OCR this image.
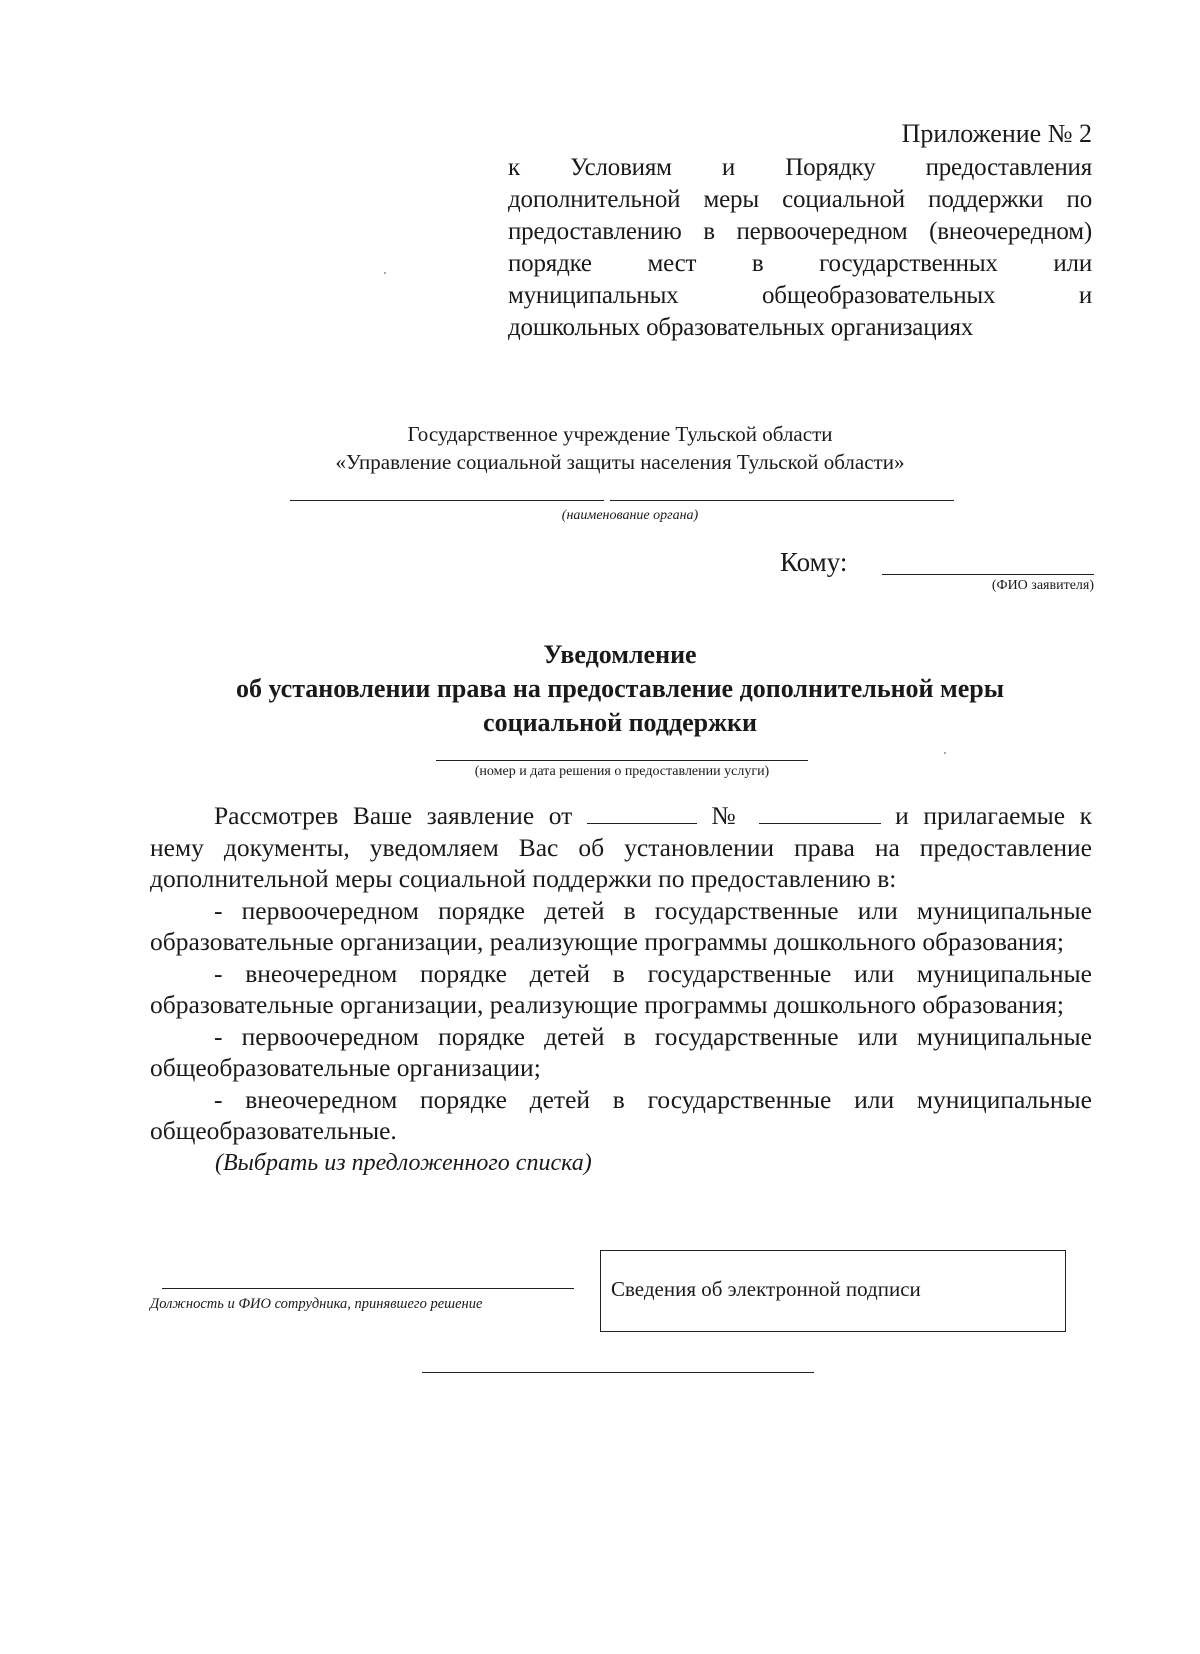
Приложение № 2
к Условиям и Порядку предоставления
дополнительной меры социальной поддержки по
предоставлению в первоочередном (внеочередном)
порядке мест в государственных или
муниципальных общеобразовательных и
дошкольных образовательных организациях
Государственное учреждение Тульской области
«Управление социальной защиты населения Тульской области»
(наименование органа)
Кому:
(ФИО заявителя)
Уведомление
об установлении права на предоставление дополнительной меры
социальной поддержки
(номер и дата решения о предоставлении услуги)
Рассмотрев Ваше заявление от	№	и прилагаемые к
нему документы, уведомляем Вас об установлении права на предоставление
дополнительной меры социальной поддержки по предоставлению в:
- первоочередном порядке детей в государственные или муниципальные
образовательные организации, реализующие программы дошкольного образования;
- внеочередном порядке детей в государственные или муниципальные
образовательные организации, реализующие программы дошкольного образования;
- первоочередном порядке детей в государственные или муниципальные
общеобразовательные организации;
- внеочередном порядке детей в государственные или муниципальные
общеобразовательные.
(Выбрать из предложенного списка)
Должность и ФИО сотрудника, принявшего решение
Сведения об электронной подписи
